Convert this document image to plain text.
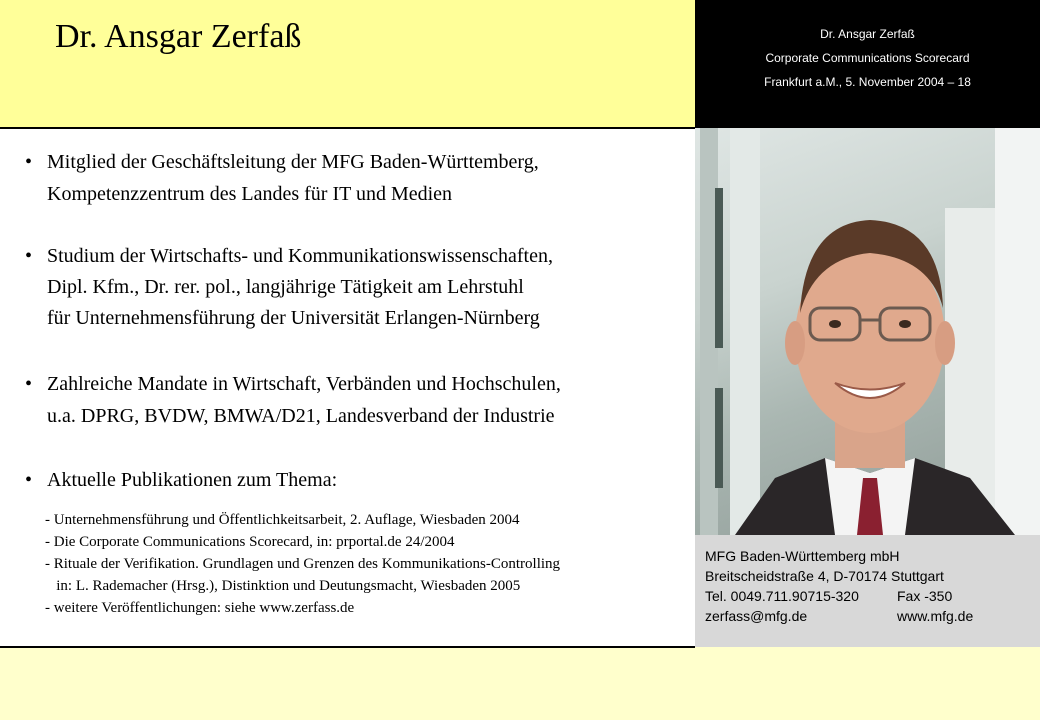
Dr. Ansgar Zerfaß	Dr. Ansgar Zerfaß
Corporate Communications Scorecard
Frankfurt a.M., 5. November 2004 – 18
• Mitglied der Geschäftsleitung der MFG Baden-Württemberg,
Kompetenzzentrum des Landes für IT und Medien
• Studium der Wirtschafts- und Kommunikationswissenschaften,
Dipl. Kfm., Dr. rer. pol., langjährige Tätigkeit am Lehrstuhl
für Unternehmensführung der Universität Erlangen-Nürnberg
• Zahlreiche Mandate in Wirtschaft, Verbänden und Hochschulen,
u.a. DPRG, BVDW, BMWA/D21, Landesverband der Industrie
• Aktuelle Publikationen zum Thema:
- Unternehmensführung und Öffentlichkeitsarbeit, 2. Auflage, Wiesbaden 2004
- Die Corporate Communications Scorecard, in: prportal.de 24/2004
- Rituale der Verifikation. Grundlagen und Grenzen des Kommunikations-Controlling
in: L. Rademacher (Hrsg.), Distinktion und Deutungsmacht, Wiesbaden 2005
- weitere Veröffentlichungen: siehe www.zerfass.de
MFG Baden-Württemberg mbH
Breitscheidstraße 4, D-70174 Stuttgart
Tel. 0049.711.90715-320	Fax -350
zerfass@mfg.de	www.mfg.de
